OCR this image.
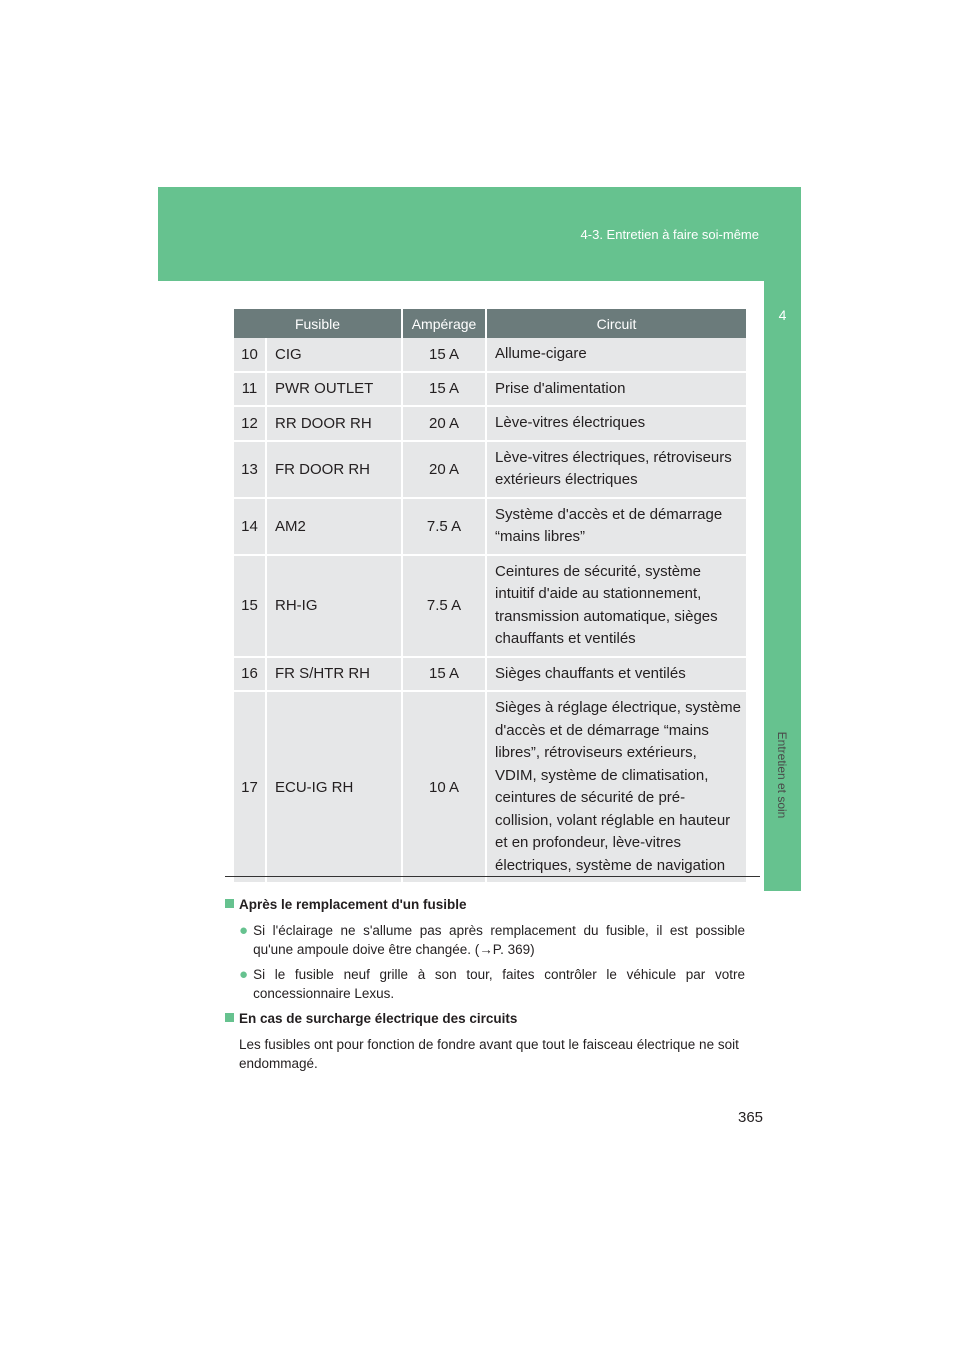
4-3. Entretien à faire soi-même
4
Entretien et soin
Fusible		Ampérage	Circuit
10	CIG	15 A	Allume-cigare
11	PWR OUTLET	15 A	Prise d'alimentation
12	RR DOOR RH	20 A	Lève-vitres électriques
13	FR DOOR RH	20 A	Lève-vitres électriques, rétroviseurs extérieurs électriques
14	AM2	7.5 A	Système d'accès et de démarrage “mains libres”
15	RH-IG	7.5 A	Ceintures de sécurité, système intuitif d'aide au stationnement, transmission automatique, sièges chauffants et ventilés
16	FR S/HTR RH	15 A	Sièges chauffants et ventilés
17	ECU-IG RH	10 A	Sièges à réglage électrique, système d'accès et de démarrage “mains libres”, rétroviseurs extérieurs, VDIM, système de climatisation, ceintures de sécurité de pré-collision, volant réglable en hauteur et en profondeur, lève-vitres électriques, système de navigation
Après le remplacement d'un fusible
● Si l'éclairage ne s'allume pas après remplacement du fusible, il est possible qu'une ampoule doive être changée. (→P. 369)
● Si le fusible neuf grille à son tour, faites contrôler le véhicule par votre concessionnaire Lexus.
En cas de surcharge électrique des circuits
Les fusibles ont pour fonction de fondre avant que tout le faisceau électrique ne soit endommagé.
365
